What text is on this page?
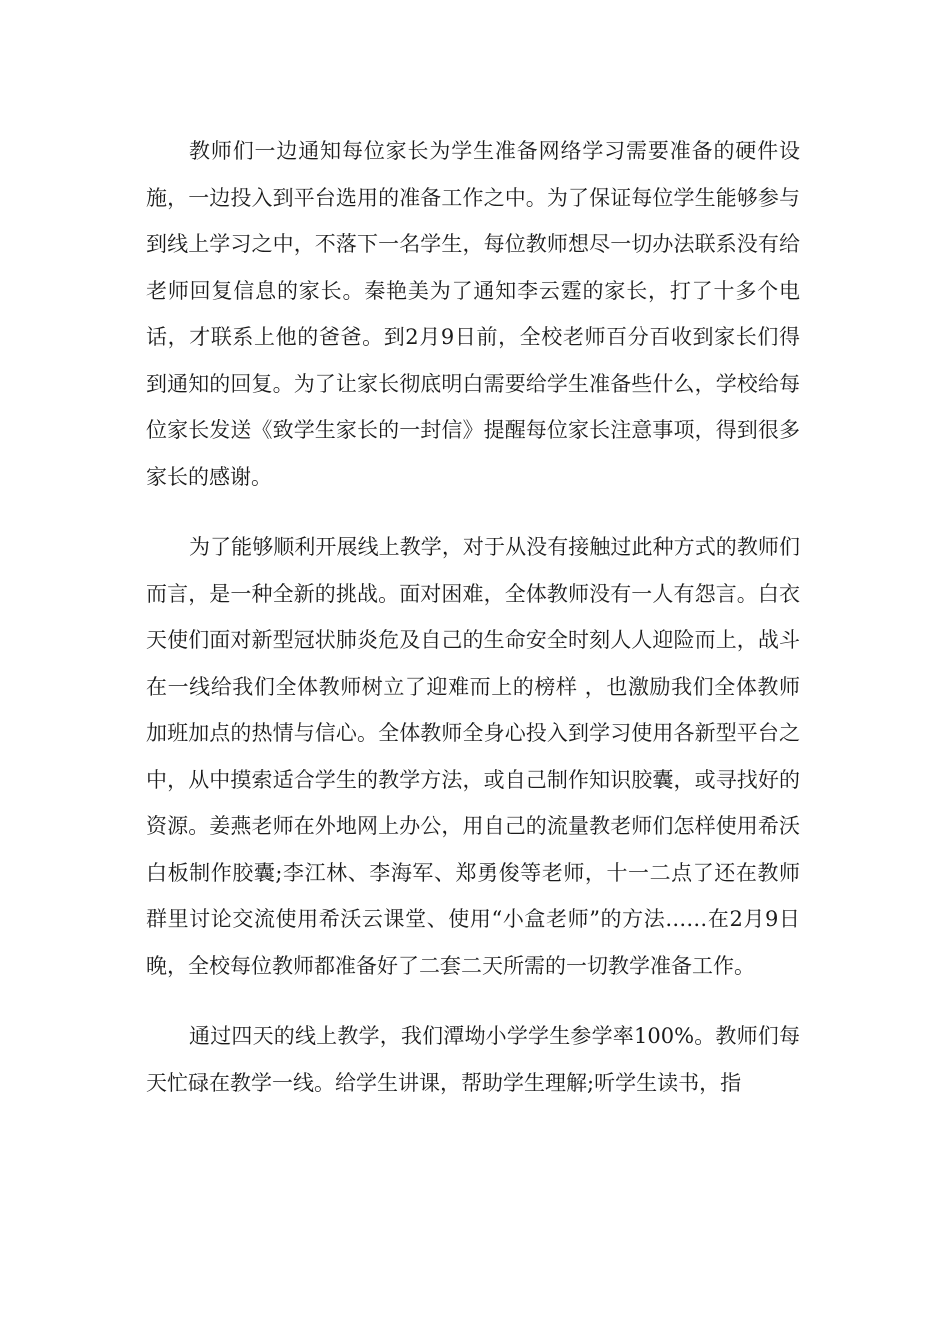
教师们一边通知每位家长为学生准备网络学习需要准备的硬件设施，一边投入到平台选用的准备工作之中。为了保证每位学生能够参与到线上学习之中，不落下一名学生，每位教师想尽一切办法联系没有给老师回复信息的家长。秦艳美为了通知李云霆的家长，打了十多个电话，才联系上他的爸爸。到2月9日前，全校老师百分百收到家长们得到通知的回复。为了让家长彻底明白需要给学生准备些什么，学校给每位家长发送《致学生家长的一封信》提醒每位家长注意事项，得到很多家长的感谢。

为了能够顺利开展线上教学，对于从没有接触过此种方式的教师们而言，是一种全新的挑战。面对困难，全体教师没有一人有怨言。白衣天使们面对新型冠状肺炎危及自己的生命安全时刻人人迎险而上，战斗在一线给我们全体教师树立了迎难而上的榜样 ，也激励我们全体教师加班加点的热情与信心。全体教师全身心投入到学习使用各新型平台之中，从中摸索适合学生的教学方法，或自己制作知识胶囊，或寻找好的资源。姜燕老师在外地网上办公，用自己的流量教老师们怎样使用希沃白板制作胶囊;李江林、李海军、郑勇俊等老师，十一二点了还在教师群里讨论交流使用希沃云课堂、使用“小盒老师”的方法……在2月9日晚，全校每位教师都准备好了二套二天所需的一切教学准备工作。

通过四天的线上教学，我们潭坳小学学生参学率100%。教师们每天忙碌在教学一线。给学生讲课，帮助学生理解;听学生读书，指
